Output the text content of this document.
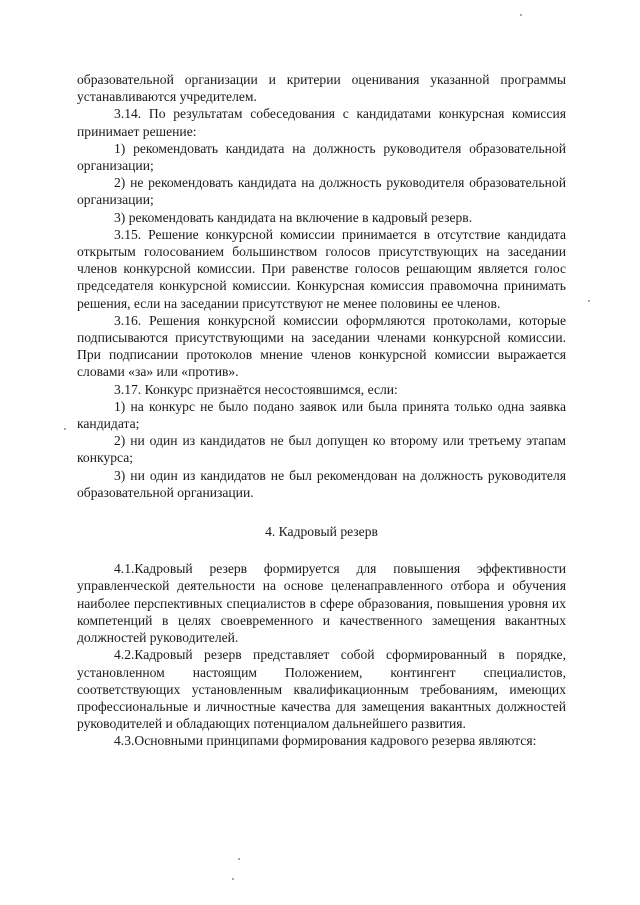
образовательной организации и критерии оценивания указанной программы устанавливаются учредителем.

3.14. По результатам собеседования с кандидатами конкурсная комиссия принимает решение:

1) рекомендовать кандидата на должность руководителя образовательной организации;

2) не рекомендовать кандидата на должность руководителя образовательной организации;

3) рекомендовать кандидата на включение в кадровый резерв.

3.15. Решение конкурсной комиссии принимается в отсутствие кандидата открытым голосованием большинством голосов присутствующих на заседании членов конкурсной комиссии. При равенстве голосов решающим является голос председателя конкурсной комиссии. Конкурсная комиссия правомочна принимать решения, если на заседании присутствуют не менее половины ее членов.

3.16. Решения конкурсной комиссии оформляются протоколами, которые подписываются присутствующими на заседании членами конкурсной комиссии. При подписании протоколов мнение членов конкурсной комиссии выражается словами «за» или «против».

3.17. Конкурс признаётся несостоявшимся, если:

1) на конкурс не было подано заявок или была принята только одна заявка кандидата;

2) ни один из кандидатов не был допущен ко второму или третьему этапам конкурса;

3) ни один из кандидатов не был рекомендован на должность руководителя образовательной организации.

4. Кадровый резерв

4.1.Кадровый резерв формируется для повышения эффективности управленческой деятельности на основе целенаправленного отбора и обучения наиболее перспективных специалистов в сфере образования, повышения уровня их компетенций в целях своевременного и качественного замещения вакантных должностей руководителей.

4.2.Кадровый резерв представляет собой сформированный в порядке, установленном настоящим Положением, контингент специалистов, соответствующих установленным квалификационным требованиям, имеющих профессиональные и личностные качества для замещения вакантных должностей руководителей и обладающих потенциалом дальнейшего развития.

4.3.Основными принципами формирования кадрового резерва являются:
